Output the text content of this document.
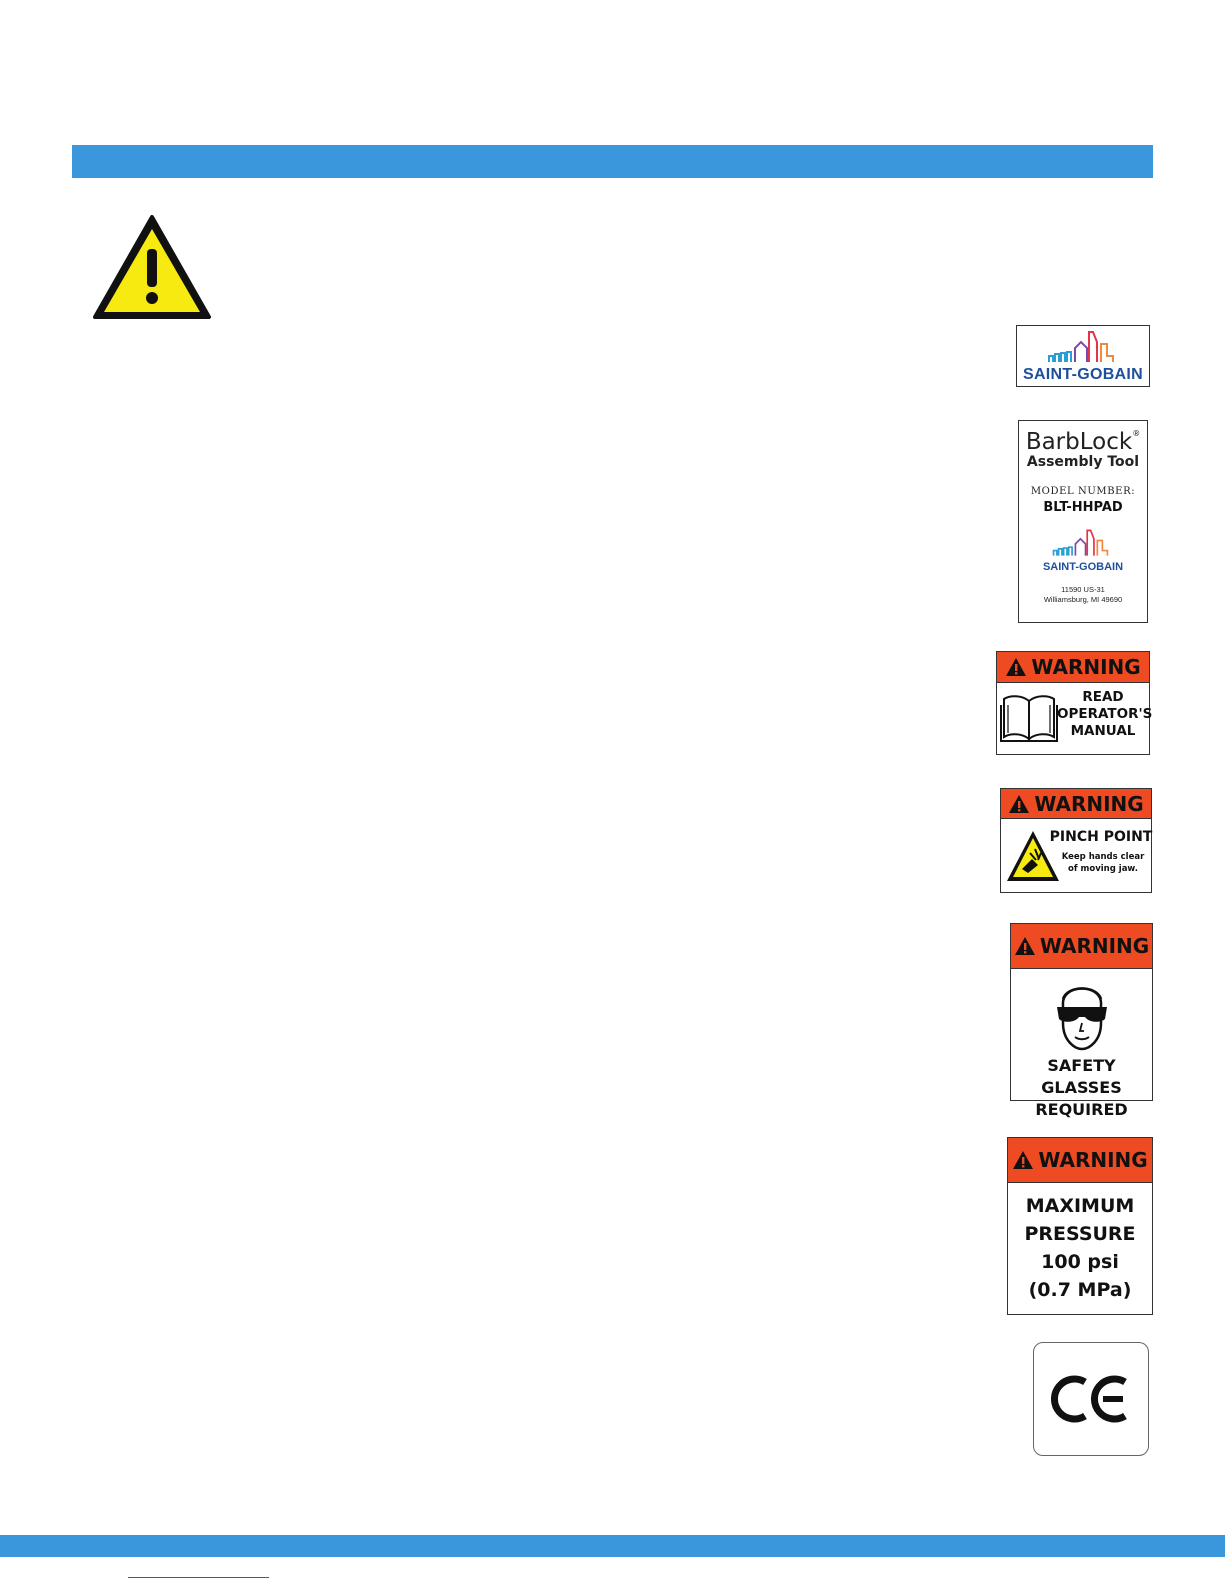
SAINT-GOBAIN
BarbLock®
Assembly Tool
MODEL NUMBER:
BLT-HHPAD
SAINT-GOBAIN
11590 US-31
Williamsburg, MI 49690
WARNING
READ
OPERATOR'S
MANUAL
WARNING
PINCH POINT
Keep hands clear
of moving jaw.
WARNING
SAFETY GLASSES
REQUIRED
WARNING
MAXIMUM
PRESSURE
100 psi
(0.7 MPa)
